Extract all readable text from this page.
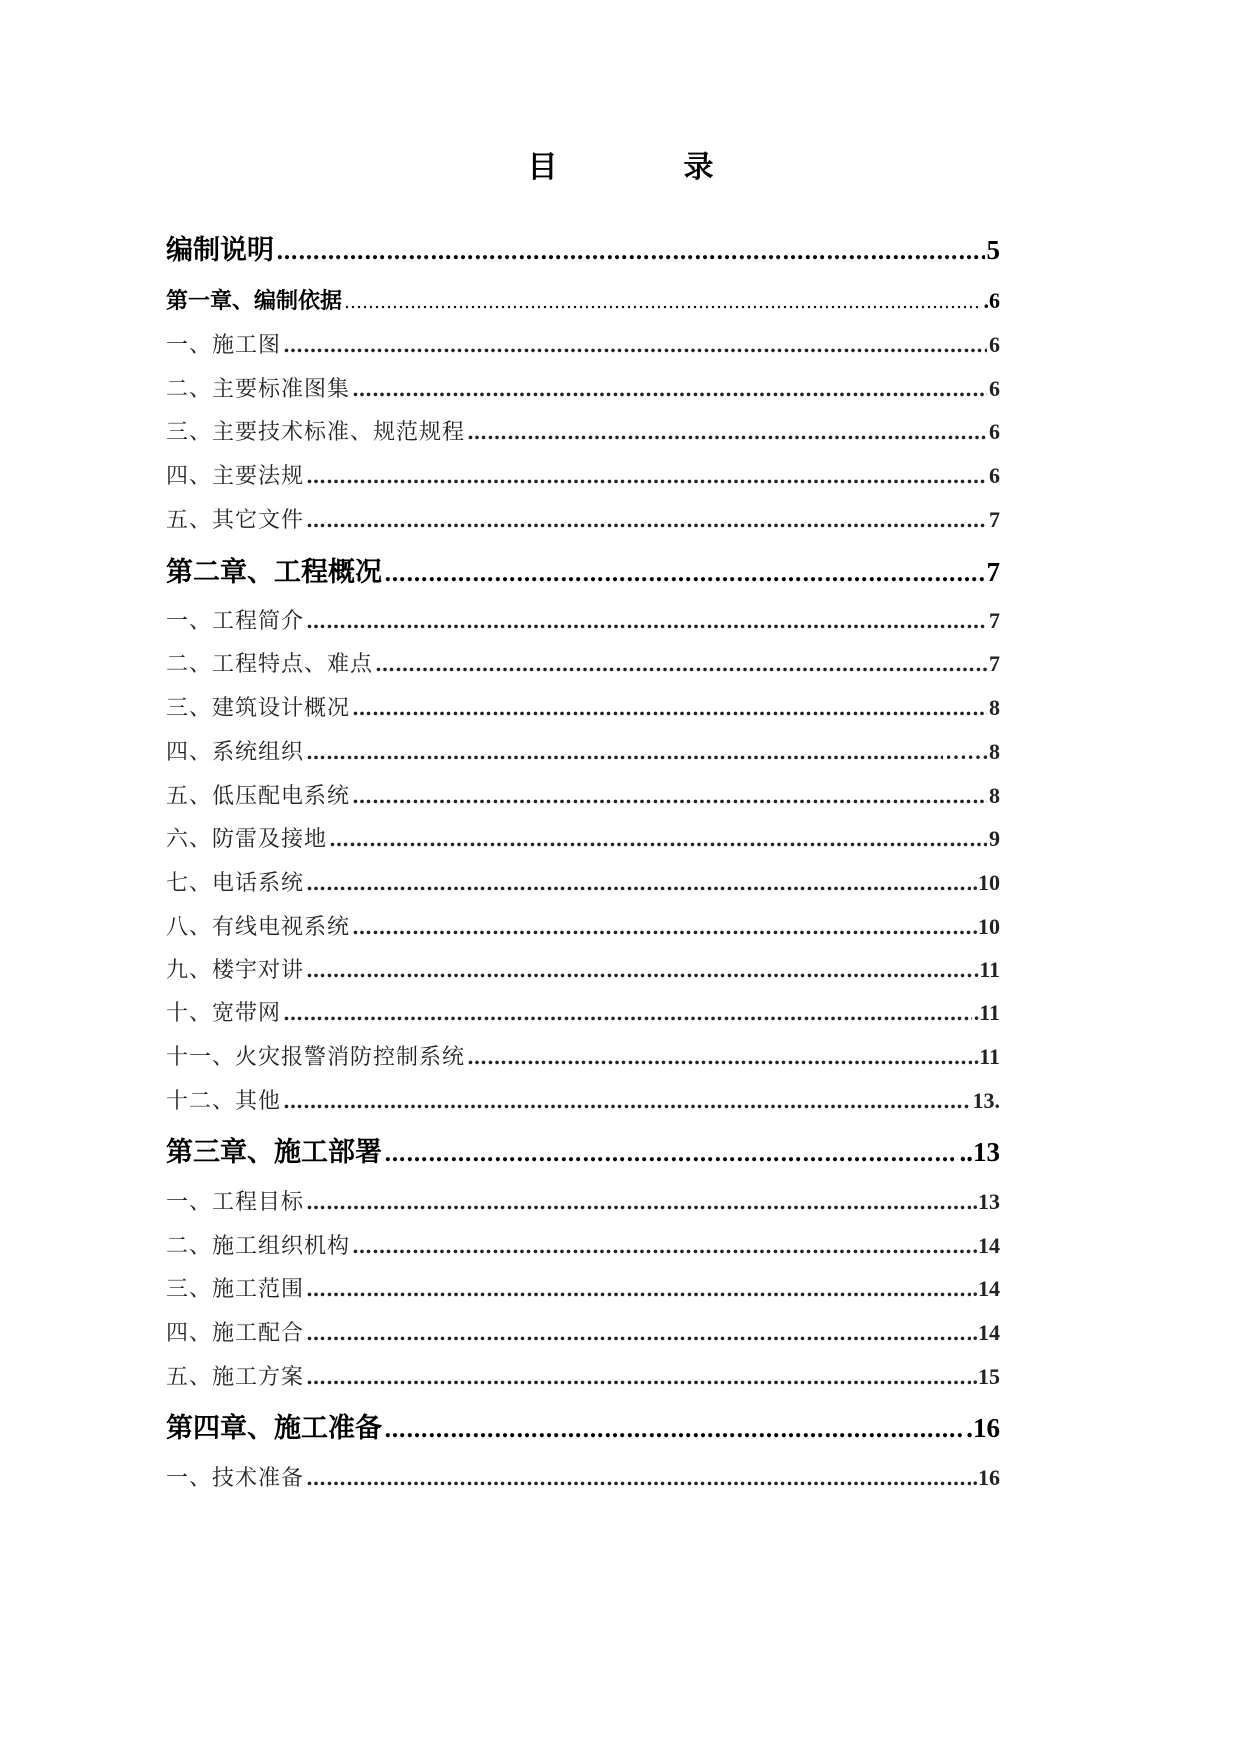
目　录
编制说明 ………………………………………………………………………………………………………………………………………………………………………………………………	5
第一章、编制依据 ………………………………………………………………………………………………………………………………………………………………………………………………	.6
一、施工图 ………………………………………………………………………………………………………………………………………………………………………………………………	6
二、主要标准图集 ………………………………………………………………………………………………………………………………………………………………………………………………	6
三、主要技术标准、规范规程 ………………………………………………………………………………………………………………………………………………………………………………………………	6
四、主要法规 ………………………………………………………………………………………………………………………………………………………………………………………………	6
五、其它文件 ………………………………………………………………………………………………………………………………………………………………………………………………	7
第二章、工程概况 ………………………………………………………………………………………………………………………………………………………………………………………………	7
一、工程简介 ………………………………………………………………………………………………………………………………………………………………………………………………	7
二、工程特点、难点 ………………………………………………………………………………………………………………………………………………………………………………………………	7
三、建筑设计概况 ………………………………………………………………………………………………………………………………………………………………………………………………	8
四、系统组织 ………………………………………………………………………………………………………………………………………………………………………………………………	……8
五、低压配电系统 ………………………………………………………………………………………………………………………………………………………………………………………………	8
六、防雷及接地 ………………………………………………………………………………………………………………………………………………………………………………………………	9
七、电话系统 ………………………………………………………………………………………………………………………………………………………………………………………………	.10
八、有线电视系统 ………………………………………………………………………………………………………………………………………………………………………………………………	.10
九、楼宇对讲 ………………………………………………………………………………………………………………………………………………………………………………………………	.11
十、宽带网 ………………………………………………………………………………………………………………………………………………………………………………………………	.11
十一、火灾报警消防控制系统 ………………………………………………………………………………………………………………………………………………………………………………………………	.11
十二、其他 ………………………………………………………………………………………………………………………………………………………………………………………………	13.
第三章、施工部署 ………………………………………………………………………………………………………………………………………………………………………………………………	..13
一、工程目标 ………………………………………………………………………………………………………………………………………………………………………………………………	.13
二、施工组织机构 ………………………………………………………………………………………………………………………………………………………………………………………………	.14
三、施工范围 ………………………………………………………………………………………………………………………………………………………………………………………………	.14
四、施工配合 ………………………………………………………………………………………………………………………………………………………………………………………………	.14
五、施工方案 ………………………………………………………………………………………………………………………………………………………………………………………………	.15
第四章、施工准备 ………………………………………………………………………………………………………………………………………………………………………………………………	.16
一、技术准备 ………………………………………………………………………………………………………………………………………………………………………………………………	.16
